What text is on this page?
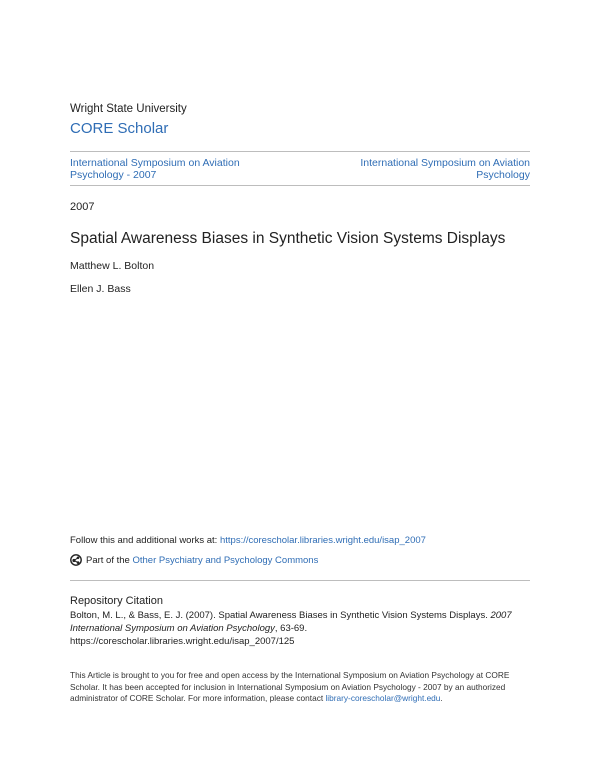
Wright State University
CORE Scholar
International Symposium on Aviation Psychology - 2007
International Symposium on Aviation Psychology
2007
Spatial Awareness Biases in Synthetic Vision Systems Displays
Matthew L. Bolton
Ellen J. Bass
Follow this and additional works at: https://corescholar.libraries.wright.edu/isap_2007
Part of the
Other Psychiatry and Psychology Commons
Repository Citation
Bolton, M. L., & Bass, E. J. (2007). Spatial Awareness Biases in Synthetic Vision Systems Displays. 2007 International Symposium on Aviation Psychology, 63-69.
https://corescholar.libraries.wright.edu/isap_2007/125
This Article is brought to you for free and open access by the International Symposium on Aviation Psychology at CORE Scholar. It has been accepted for inclusion in International Symposium on Aviation Psychology - 2007 by an authorized administrator of CORE Scholar. For more information, please contact library-corescholar@wright.edu.
